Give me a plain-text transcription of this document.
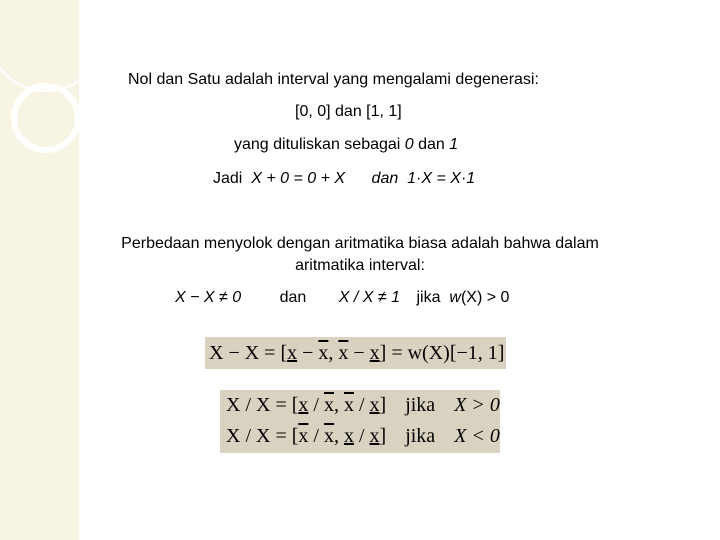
Nol dan Satu adalah interval yang mengalami degenerasi:
[0, 0] dan [1, 1]
yang dituliskan sebagai 0 dan 1
Jadi X + 0 = 0 + X dan 1·X = X·1
Perbedaan menyolok dengan aritmatika biasa adalah bahwa dalam
aritmatika interval:
X − X ≠ 0 dan X / X ≠ 1 jika w(X) > 0
$X - X = [x - \overline{x}$, $\overline{x} - x] = w(X)[-1$, 1]
$X / X = [x / \overline{x}$, $\overline{x} / x$] jika X > 0
$X / X = [\overline{x} / \overline{x}$, x / x] jika X < 0
